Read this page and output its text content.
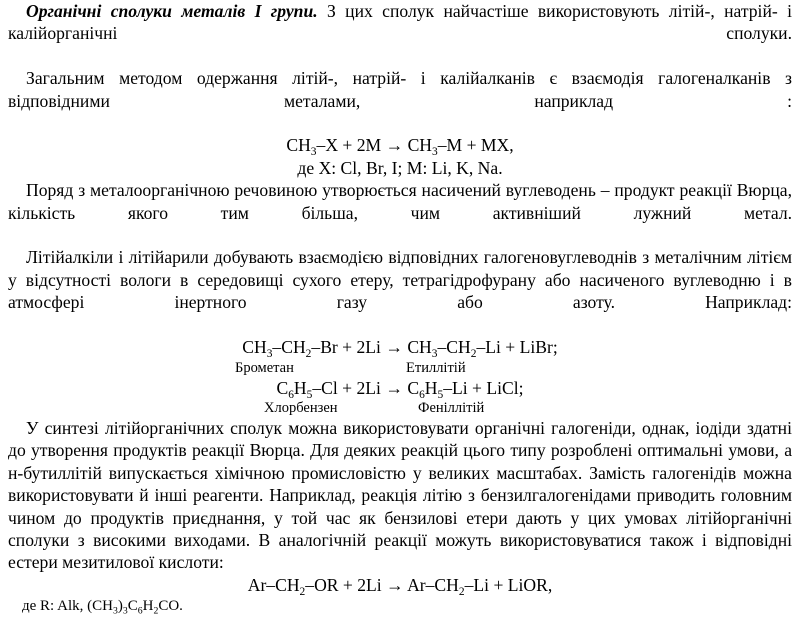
Органічні сполуки металів I групи. З цих сполук найчастіше використовують літій-, натрій- і калійорганічні сполуки.

Загальним методом одержання літій-, натрій- і калійалканів є взаємодія галогеналканів з відповідними металами, наприклад :

$CH_3-X + 2M \to CH_3-M$ + MX,

де X: Cl, Br, I; M: Li, K, Na.

Поряд з металоорганічною речовиною утворюється насичений вуглеводень – продукт реакції Вюрца, кількість якого тим більша, чим активніший лужний метал.

Літійалкіли і літійарили добувають взаємодією відповідних галогеновуглеводнів з металічним літієм у відсутності вологи в середовищі сухого етеру, тетрагідрофурану або насиченого вуглеводню і в атмосфері інертного газу або азоту. Наприклад:

$CH_3-CH_2-Br + 2Li \to CH_3-CH_2-Li$ + LiBr;

Брометан	Етиллітій

$C_6H_5-Cl + 2Li \to C_6H_5-Li$ + LiCl;

Хлорбензен	Феніллітій

У синтезі літійорганічних сполук можна використовувати органічні галогеніди, однак, іодіди здатні до утворення продуктів реакції Вюрца. Для деяких реакцій цього типу розроблені оптимальні умови, а н-бутиллітій випускається хімічною промисловістю у великих масштабах. Замість галогенідів можна використовувати й інші реагенти. Наприклад, реакція літію з бензилгалогенідами приводить головним чином до продуктів приєднання, у той час як бензилові етери дають у цих умовах літійорганічні сполуки з високими виходами. В аналогічній реакції можуть використовуватися також і відповідні естери мезитилової кислоти:

$Ar-CH_2-OR + 2Li \to Ar-CH_2-Li$ + LiOR,

де R: Alk, $(CH_3)_3C_6H_2CO$.
